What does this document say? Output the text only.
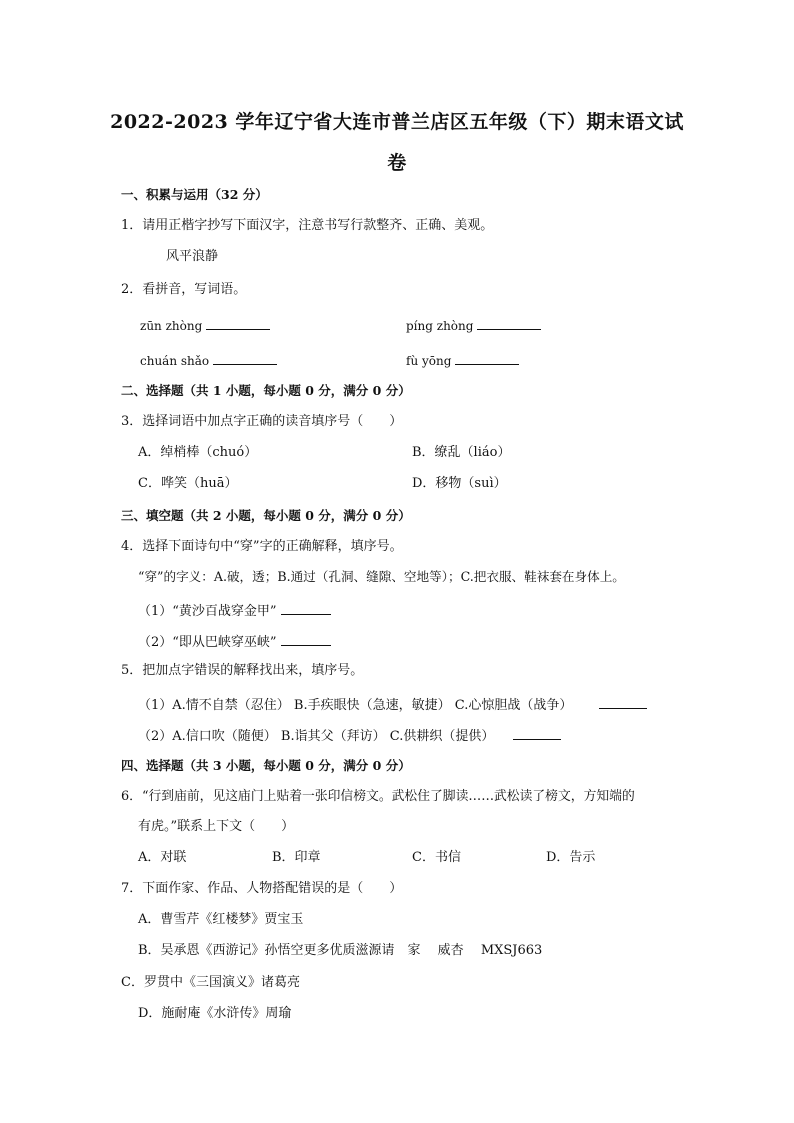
2022-2023 学年辽宁省大连市普兰店区五年级（下）期末语文试
卷
一、积累与运用（32 分）
1．请用正楷字抄写下面汉字，注意书写行款整齐、正确、美观。
风平浪静
2．看拼音，写词语。
zūn zhòng	píng zhòng
chuán shǎo	fù yōng
二、选择题（共 1 小题，每小题 0 分，满分 0 分）
3．选择词语中加点字正确的读音填序号（　　）
A．绰梢棒（chuó）	B．缭乱（liáo）
C．哗笑（huā）	D．移物（suì）
三、填空题（共 2 小题，每小题 0 分，满分 0 分）
4．选择下面诗句中“穿”字的正确解释，填序号。
“穿”的字义：A.破，透；B.通过（孔洞、缝隙、空地等）；C.把衣服、鞋袜套在身体上。
（1）“黄沙百战穿金甲”
（2）“即从巴峡穿巫峡”
5．把加点字错误的解释找出来，填序号。
（1）A.情不自禁（忍住） B.手疾眼快（急速，敏捷） C.心惊胆战（战争）
（2）A.信口吹（随便） B.诣其父（拜访） C.供耕织（提供）
四、选择题（共 3 小题，每小题 0 分，满分 0 分）
6．“行到庙前，见这庙门上贴着一张印信榜文。武松住了脚读……武松读了榜文，方知端的
有虎。”联系上下文（　　）
A．对联	B．印章	C．书信	D．告示
7．下面作家、作品、人物搭配错误的是（　　）
A．曹雪芹《红楼梦》贾宝玉
B．吴承恩《西游记》孙悟空更多优质滋源请　家　 威杏　 MXSJ663
C．罗贯中《三国演义》诸葛亮
D．施耐庵《水浒传》周瑜
